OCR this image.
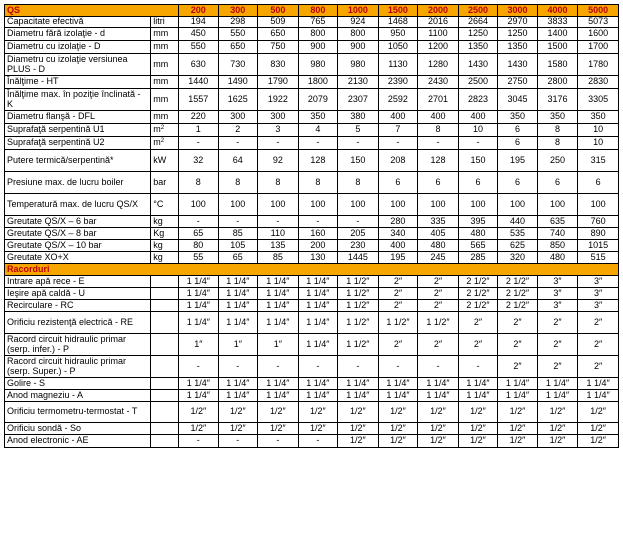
QS		200	300	500	800	1000	1500	2000	2500	3000	4000	5000
Capacitate efectivă	litri	194	298	509	765	924	1468	2016	2664	2970	3833	5073
Diametru fără izolaţie - d	mm	450	550	650	800	800	950	1100	1250	1250	1400	1600
Diametru cu izolaţie - D	mm	550	650	750	900	900	1050	1200	1350	1350	1500	1700
Diametru cu izolaţie versiunea PLUS - D	mm	630	730	830	980	980	1130	1280	1430	1430	1580	1780
Înălţime - HT	mm	1440	1490	1790	1800	2130	2390	2430	2500	2750	2800	2830
Înălţime max. în poziţie înclinată - K	mm	1557	1625	1922	2079	2307	2592	2701	2823	3045	3176	3305
Diametru flanşă - DFL	mm	220	300	300	350	380	400	400	400	350	350	350
Suprafaţă serpentină U1	$m^2$	1	2	3	4	5	7	8	10	6	8	10
Suprafaţă serpentină U2	$m^2$	-	-	-	-	-	-	-	-	6	8	10
Putere termică/serpentină*	kW	32	64	92	128	150	208	128	150	195	250	315
Presiune max. de lucru boiler	bar	8	8	8	8	8	6	6	6	6	6	6
Temperatură max. de lucru QS/X	°C	100	100	100	100	100	100	100	100	100	100	100
Greutate QS/X – 6 bar	kg	-	-	-	-	-	280	335	395	440	635	760
Greutate QS/X – 8 bar	Kg	65	85	110	160	205	340	405	480	535	740	890
Greutate QS/X – 10 bar	kg	80	105	135	200	230	400	480	565	625	850	1015
Greutate XO+X	kg	55	65	85	130	1445	195	245	285	320	480	515
Racorduri												
Intrare apă rece - E		1 1/4″	1 1/4″	1 1/4″	1 1/4″	1 1/2″	2″	2″	2 1/2″	2 1/2″	3″	3″
Ieşire apă caldă - U		1 1/4″	1 1/4″	1 1/4″	1 1/4″	1 1/2″	2″	2″	2 1/2″	2 1/2″	3″	3″
Recirculare - RC		1 1/4″	1 1/4″	1 1/4″	1 1/4″	1 1/2″	2″	2″	2 1/2″	2 1/2″	3″	3″
Orificiu rezistenţă electrică - RE		1 1/4″	1 1/4″	1 1/4″	1 1/4″	1 1/2″	1 1/2″	1 1/2″	2″	2″	2″	2″
Racord circuit hidraulic primar (serp. infer.) - P		1″	1″	1″	1 1/4″	1 1/2″	2″	2″	2″	2″	2″	2″
Racord circuit hidraulic primar (serp. Super.) - P		-	-	-	-	-	-	-	-	2″	2″	2″
Golire - S		1 1/4″	1 1/4″	1 1/4″	1 1/4″	1 1/4″	1 1/4″	1 1/4″	1 1/4″	1 1/4″	1 1/4″	1 1/4″
Anod magneziu - A		1 1/4″	1 1/4″	1 1/4″	1 1/4″	1 1/4″	1 1/4″	1 1/4″	1 1/4″	1 1/4″	1 1/4″	1 1/4″
Orificiu termometru-termostat - T		1/2″	1/2″	1/2″	1/2″	1/2″	1/2″	1/2″	1/2″	1/2″	1/2″	1/2″
Orificiu sondă - So		1/2″	1/2″	1/2″	1/2″	1/2″	1/2″	1/2″	1/2″	1/2″	1/2″	1/2″
Anod electronic - AE		-	-	-	-	1/2″	1/2″	1/2″	1/2″	1/2″	1/2″	1/2″
